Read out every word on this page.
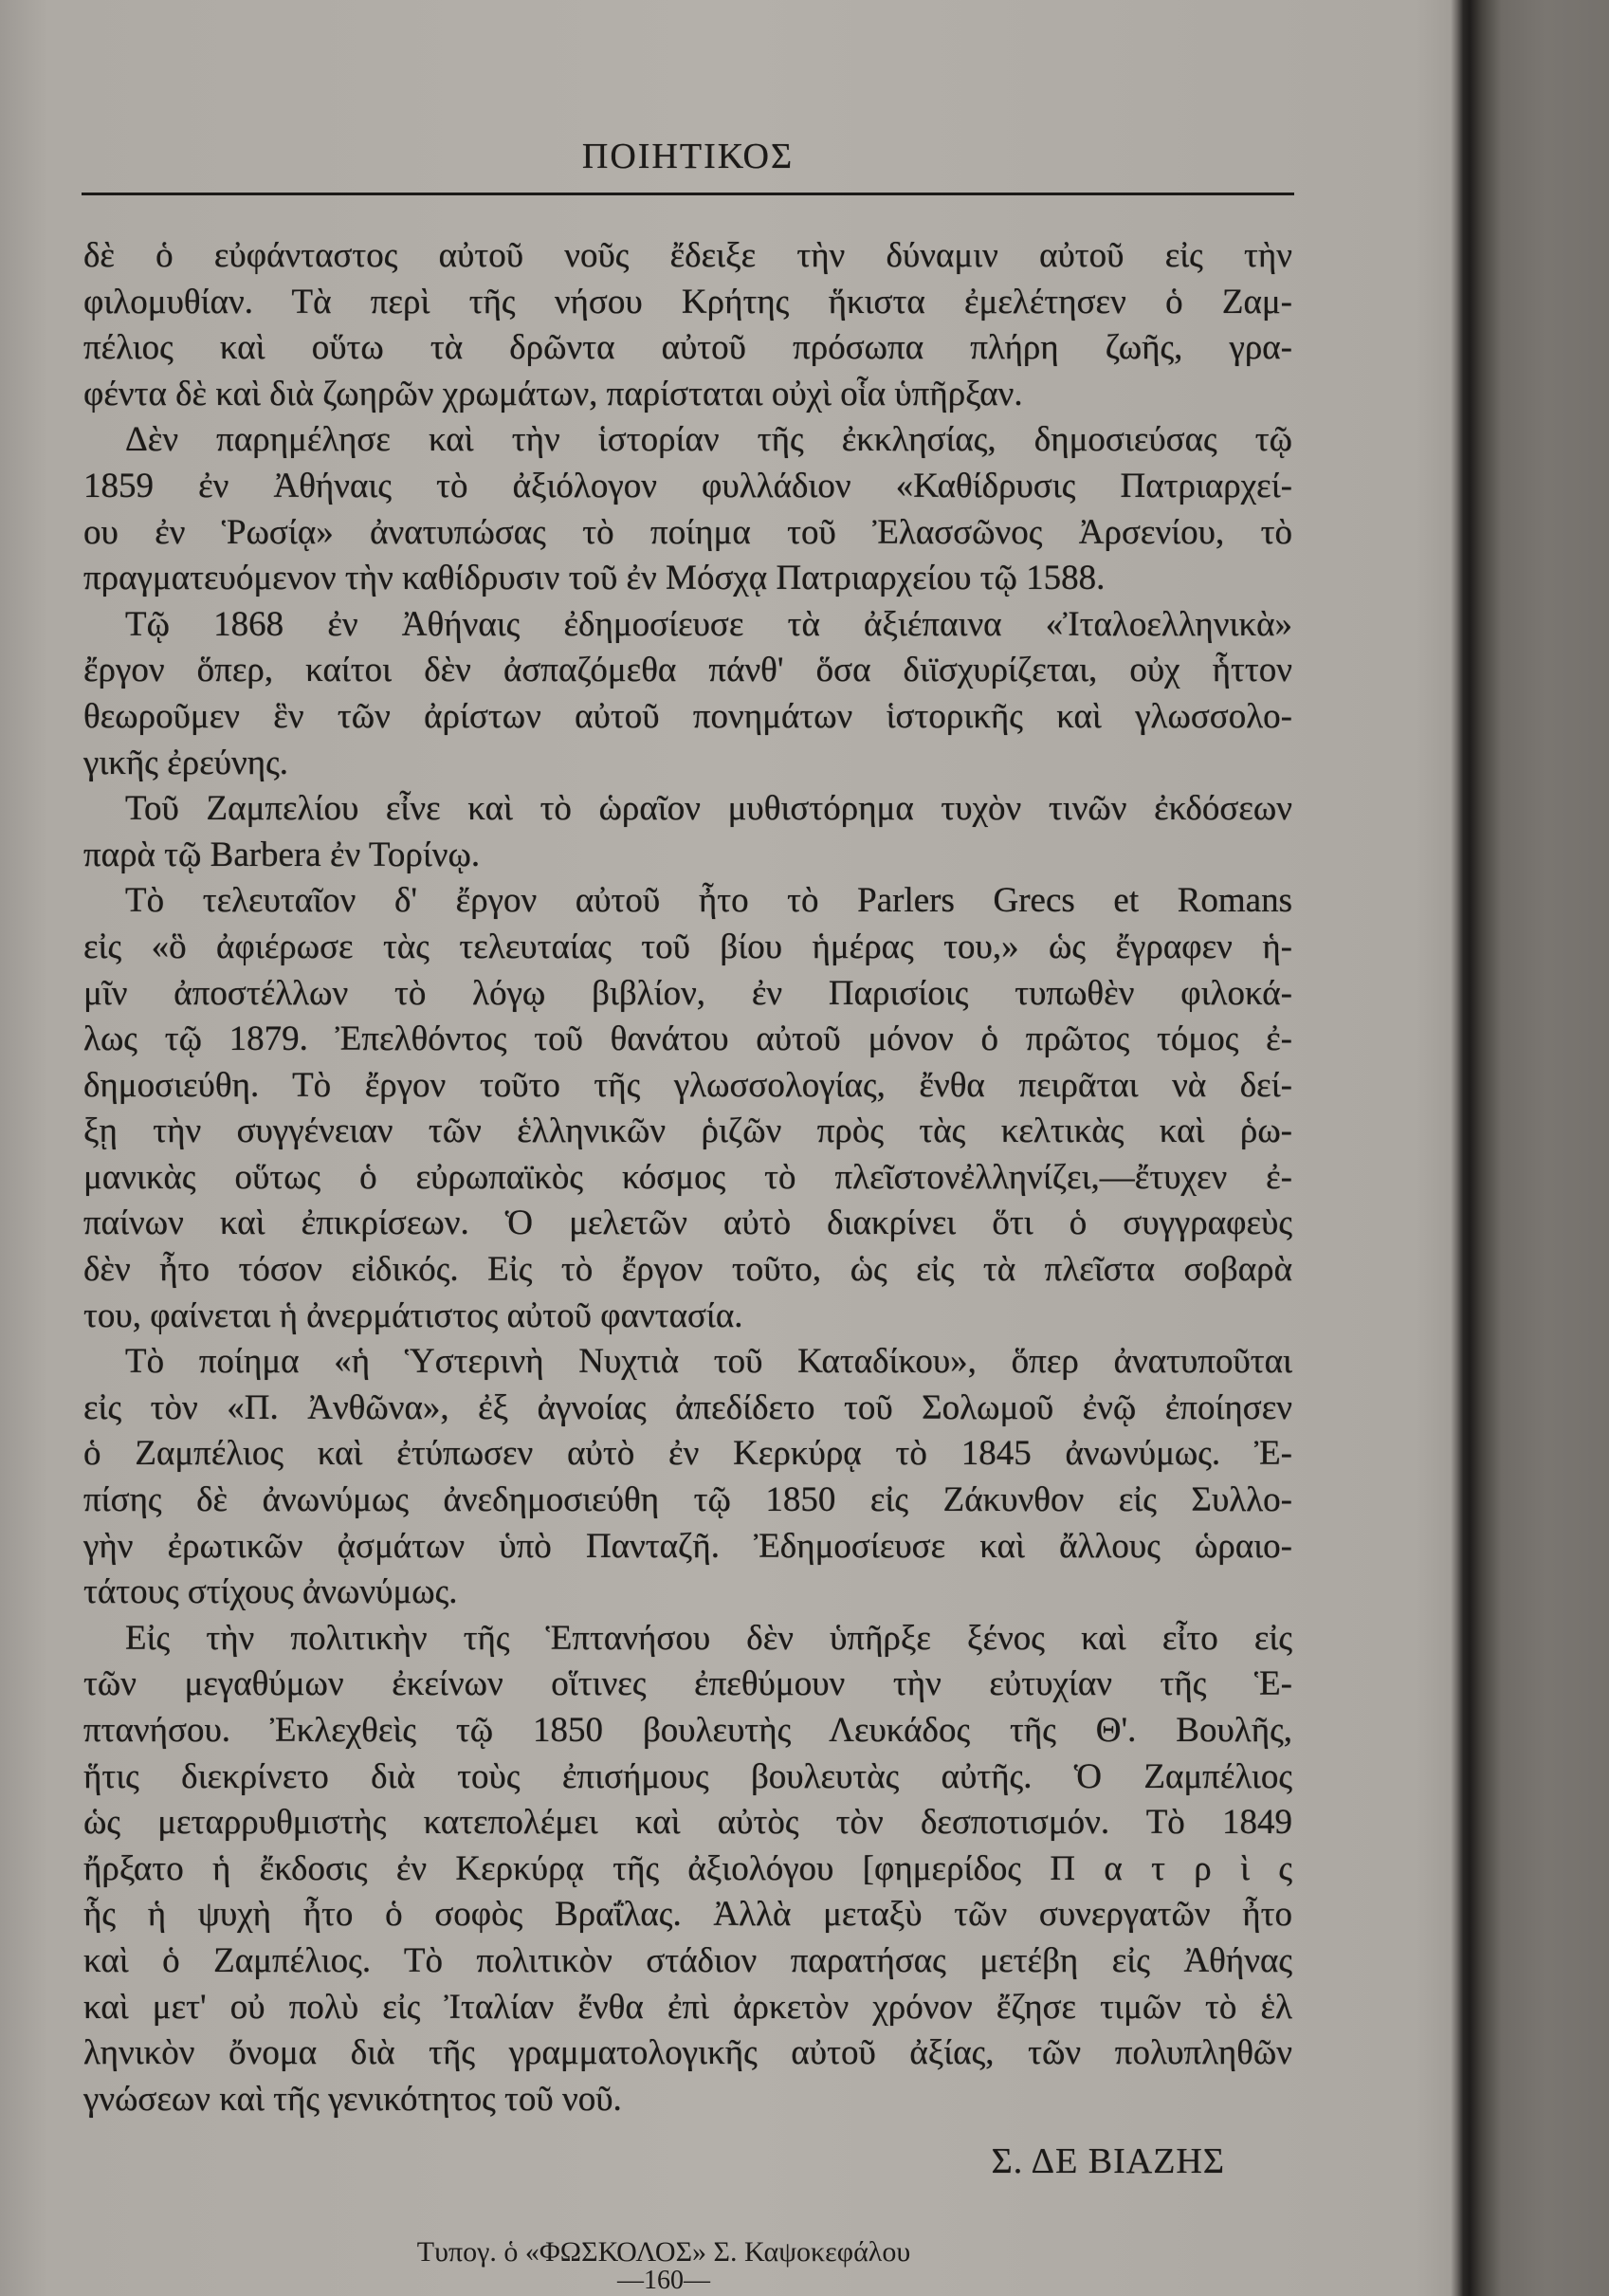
ΠΟΙΗΤΙΚΟΣ
δὲ ὁ εὐφάνταστος αὐτοῦ νοῦς ἔδειξε τὴν δύναμιν αὐτοῦ εἰς τὴν
φιλομυθίαν. Τὰ περὶ τῆς νήσου Κρήτης ἥκιστα ἐμελέτησεν ὁ Ζαμ-
πέλιος καὶ οὕτω τὰ δρῶντα αὐτοῦ πρόσωπα πλήρη ζωῆς, γρα-
φέντα δὲ καὶ διὰ ζωηρῶν χρωμάτων, παρίσταται οὐχὶ οἷα ὑπῆρξαν.
Δὲν παρημέλησε καὶ τὴν ἱστορίαν τῆς ἐκκλησίας, δημοσιεύσας τῷ
1859 ἐν Ἀθήναις τὸ ἀξιόλογον φυλλάδιον «Καθίδρυσις Πατριαρχεί-
ου ἐν Ῥωσίᾳ» ἀνατυπώσας τὸ ποίημα τοῦ Ἐλασσῶνος Ἀρσενίου, τὸ
πραγματευόμενον τὴν καθίδρυσιν τοῦ ἐν Μόσχᾳ Πατριαρχείου τῷ 1588.
Τῷ 1868 ἐν Ἀθήναις ἐδημοσίευσε τὰ ἀξιέπαινα «Ἰταλοελληνικὰ»
ἔργον ὅπερ, καίτοι δὲν ἀσπαζόμεθα πάνθ' ὅσα διϊσχυρίζεται, οὐχ ἧττον
θεωροῦμεν ἓν τῶν ἀρίστων αὐτοῦ πονημάτων ἱστορικῆς καὶ γλωσσολο-
γικῆς ἐρεύνης.
Τοῦ Ζαμπελίου εἶνε καὶ τὸ ὡραῖον μυθιστόρημα τυχὸν τινῶν ἐκδόσεων
παρὰ τῷ Barbera ἐν Τορίνῳ.
Τὸ τελευταῖον δ' ἔργον αὐτοῦ ἦτο τὸ Parlers Grecs et Romans
εἰς «ὃ ἀφιέρωσε τὰς τελευταίας τοῦ βίου ἡμέρας του,» ὡς ἔγραφεν ἡ-
μῖν ἀποστέλλων τὸ λόγῳ βιβλίον, ἐν Παρισίοις τυπωθὲν φιλοκά-
λως τῷ 1879. Ἐπελθόντος τοῦ θανάτου αὐτοῦ μόνον ὁ πρῶτος τόμος ἐ-
δημοσιεύθη. Τὸ ἔργον τοῦτο τῆς γλωσσολογίας, ἔνθα πειρᾶται νὰ δεί-
ξῃ τὴν συγγένειαν τῶν ἑλληνικῶν ῥιζῶν πρὸς τὰς κελτικὰς καὶ ῥω-
μανικὰς οὕτως ὁ εὐρωπαϊκὸς κόσμος τὸ πλεῖστονἐλληνίζει,—ἔτυχεν ἐ-
παίνων καὶ ἐπικρίσεων. Ὁ μελετῶν αὐτὸ διακρίνει ὅτι ὁ συγγραφεὺς
δὲν ἦτο τόσον εἰδικός. Εἰς τὸ ἔργον τοῦτο, ὡς εἰς τὰ πλεῖστα σοβαρὰ
του, φαίνεται ἡ ἀνερμάτιστος αὐτοῦ φαντασία.
Τὸ ποίημα «ἡ Ὑστερινὴ Νυχτιὰ τοῦ Καταδίκου», ὅπερ ἀνατυποῦται
εἰς τὸν «Π. Ἀνθῶνα», ἐξ ἀγνοίας ἀπεδίδετο τοῦ Σολωμοῦ ἐνῷ ἐποίησεν
ὁ Ζαμπέλιος καὶ ἐτύπωσεν αὐτὸ ἐν Κερκύρᾳ τὸ 1845 ἀνωνύμως. Ἐ-
πίσης δὲ ἀνωνύμως ἀνεδημοσιεύθη τῷ 1850 εἰς Ζάκυνθον εἰς Συλλο-
γὴν ἐρωτικῶν ᾀσμάτων ὑπὸ Πανταζῆ. Ἐδημοσίευσε καὶ ἄλλους ὡραιο-
τάτους στίχους ἀνωνύμως.
Εἰς τὴν πολιτικὴν τῆς Ἑπτανήσου δὲν ὑπῆρξε ξένος καὶ εἶτο εἰς
τῶν μεγαθύμων ἐκείνων οἵτινες ἐπεθύμουν τὴν εὐτυχίαν τῆς Ἑ-
πτανήσου. Ἐκλεχθεὶς τῷ 1850 βουλευτὴς Λευκάδος τῆς Θ'. Βουλῆς,
ἥτις διεκρίνετο διὰ τοὺς ἐπισήμους βουλευτὰς αὐτῆς. Ὁ Ζαμπέλιος
ὡς μεταρρυθμιστὴς κατεπολέμει καὶ αὐτὸς τὸν δεσποτισμόν. Τὸ 1849
ἤρξατο ἡ ἔκδοσις ἐν Κερκύρᾳ τῆς ἀξιολόγου [φημερίδος Π α τ ρ ὶ ς
ἧς ἡ ψυχὴ ἦτο ὁ σοφὸς Βραΐλας. Ἀλλὰ μεταξὺ τῶν συνεργατῶν ἦτο
καὶ ὁ Ζαμπέλιος. Τὸ πολιτικὸν στάδιον παρατήσας μετέβη εἰς Ἀθήνας
καὶ μετ' οὐ πολὺ εἰς Ἰταλίαν ἔνθα ἐπὶ ἀρκετὸν χρόνον ἔζησε τιμῶν τὸ ἑλ
ληνικὸν ὄνομα διὰ τῆς γραμματολογικῆς αὐτοῦ ἀξίας, τῶν πολυπληθῶν
γνώσεων καὶ τῆς γενικότητος τοῦ νοῦ.
Σ. ΔΕ ΒΙΑΖΗΣ
Τυπογ. ὁ «ΦΩΣΚΟΛΟΣ» Σ. Καψοκεφάλου
—160—
